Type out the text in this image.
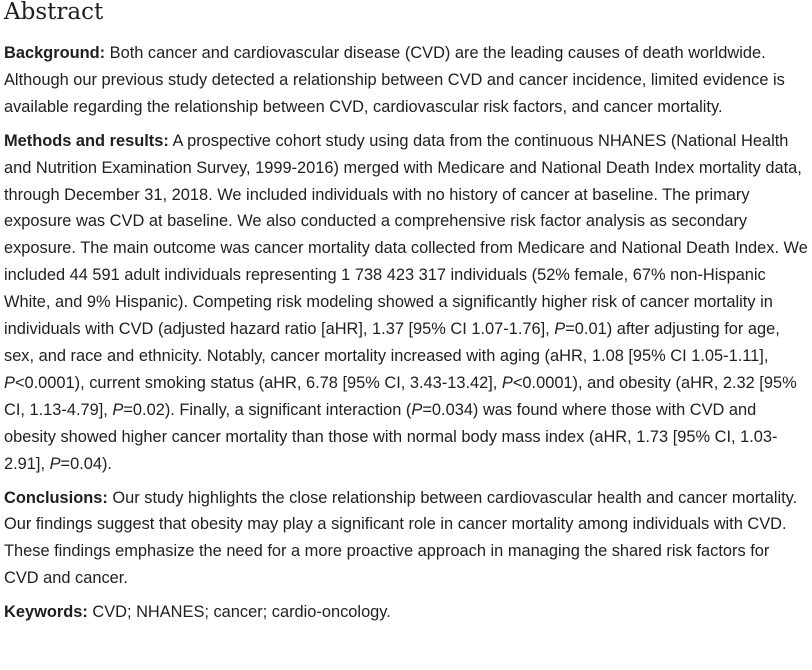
Abstract

Background: Both cancer and cardiovascular disease (CVD) are the leading causes of death worldwide. Although our previous study detected a relationship between CVD and cancer incidence, limited evidence is available regarding the relationship between CVD, cardiovascular risk factors, and cancer mortality.

Methods and results: A prospective cohort study using data from the continuous NHANES (National Health and Nutrition Examination Survey, 1999-2016) merged with Medicare and National Death Index mortality data, through December 31, 2018. We included individuals with no history of cancer at baseline. The primary exposure was CVD at baseline. We also conducted a comprehensive risk factor analysis as secondary exposure. The main outcome was cancer mortality data collected from Medicare and National Death Index. We included 44 591 adult individuals representing 1 738 423 317 individuals (52% female, 67% non-Hispanic White, and 9% Hispanic). Competing risk modeling showed a significantly higher risk of cancer mortality in individuals with CVD (adjusted hazard ratio [aHR], 1.37 [95% CI 1.07-1.76], P=0.01) after adjusting for age, sex, and race and ethnicity. Notably, cancer mortality increased with aging (aHR, 1.08 [95% CI 1.05-1.11], P<0.0001), current smoking status (aHR, 6.78 [95% CI, 3.43-13.42], P<0.0001), and obesity (aHR, 2.32 [95% CI, 1.13-4.79], P=0.02). Finally, a significant interaction (P=0.034) was found where those with CVD and obesity showed higher cancer mortality than those with normal body mass index (aHR, 1.73 [95% CI, 1.03-2.91], P=0.04).

Conclusions: Our study highlights the close relationship between cardiovascular health and cancer mortality. Our findings suggest that obesity may play a significant role in cancer mortality among individuals with CVD. These findings emphasize the need for a more proactive approach in managing the shared risk factors for CVD and cancer.

Keywords: CVD; NHANES; cancer; cardio-oncology.
